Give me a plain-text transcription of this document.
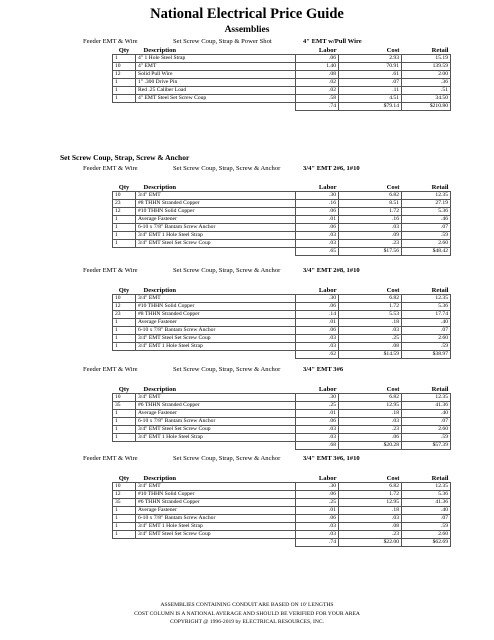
National Electrical Price Guide
Assemblies
Feeder EMT & Wire	Set Screw Coup, Strap & Power Shot	4" EMT w/Pull Wire
Qty	Description	Labor	Cost	Retail
1	4" 1 Hole Steel Strap	.06	2.93	15.19
10	4" EMT	1.40	70.91	139.59
12	Solid Pull Wire	.08	.61	2.00
1	1" .300 Drive Pin	.02	.07	.36
1	Red .25 Caliber Load	.02	.11	.51
1	4" EMT Steel Set Screw Coup	.58	4.51	34.50
		.74	$79.14	$210.80
Set Screw Coup, Strap, Screw & Anchor
Feeder EMT & Wire	Set Screw Coup, Strap, Screw & Anchor	3/4" EMT 2#6, 1#10
Qty	Description	Labor	Cost	Retail
10	3/4" EMT	.30	6.82	12.35
23	#8 THHN Stranded Copper	.16	8.51	27.19
12	#10 THHN Solid Copper	.06	1.72	5.36
1	Average Fastener	.01	.16	.46
1	6-10 x 7/8" Bantam Screw Anchor	.06	.03	.07
1	3/4" EMT 1 Hole Steel Strap	.03	.09	.59
1	3/4" EMT Steel Set Screw Coup	.03	.23	2.60
		.65	$17.56	$48.42
Feeder EMT & Wire	Set Screw Coup, Strap, Screw & Anchor	3/4" EMT 2#8, 1#10
Qty	Description	Labor	Cost	Retail
10	3/4" EMT	.30	6.82	12.35
12	#10 THHN Solid Copper	.06	1.72	5.36
23	#8 THHN Stranded Copper	.14	5.53	17.74
1	Average Fastener	.01	.18	.40
1	6-10 x 7/8" Bantam Screw Anchor	.06	.03	.07
1	3/4" EMT Steel Set Screw Coup	.03	.25	2.60
1	3/4" EMT 1 Hole Steel Strap	.03	.08	.59
		.62	$14.59	$38.97
Feeder EMT & Wire	Set Screw Coup, Strap, Screw & Anchor	3/4" EMT 3#6
Qty	Description	Labor	Cost	Retail
10	3/4" EMT	.30	6.82	12.35
35	#6 THHN Stranded Copper	.25	12.95	41.36
1	Average Fastener	.01	.18	.40
1	6-10 x 7/8" Bantam Screw Anchor	.06	.03	.07
1	3/4" EMT Steel Set Screw Coup	.03	.23	2.60
1	3/4" EMT 1 Hole Steel Strap	.03	.06	.59
		.68	$20.28	$57.39
Feeder EMT & Wire	Set Screw Coup, Strap, Screw & Anchor	3/4" EMT 3#6, 1#10
Qty	Description	Labor	Cost	Retail
10	3/4" EMT	.30	6.82	12.35
12	#10 THHN Solid Copper	.06	1.72	5.36
35	#6 THHN Stranded Copper	.25	12.95	41.36
1	Average Fastener	.01	.18	.40
1	6-10 x 7/8" Bantam Screw Anchor	.06	.03	.07
1	3/4" EMT 1 Hole Steel Strap	.03	.08	.59
1	3/4" EMT Steel Set Screw Coup	.03	.23	2.60
		.74	$22.00	$62.69
ASSEMBLIES CONTAINING CONDUIT ARE BASED ON 10' LENGTHS
COST COLUMN IS A NATIONAL AVERAGE AND SHOULD BE VERIFIED FOR YOUR AREA
COPYRIGHT @ 1996-2019 by ELECTRICAL RESOURCES, INC.
